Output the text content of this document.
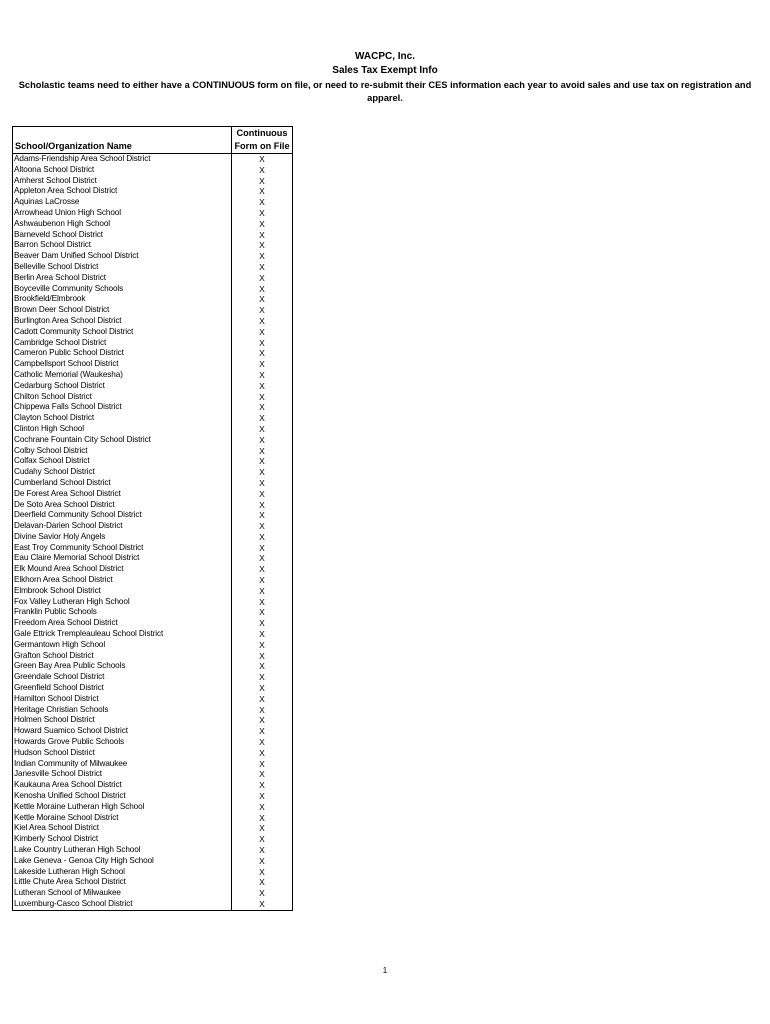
WACPC, Inc.
Sales Tax Exempt Info
Scholastic teams need to either have a CONTINUOUS form on file, or need to re-submit their CES information each year to avoid sales and use tax on registration and apparel.
School/Organization Name	Continuous Form on File
Adams-Friendship Area School District	X
Altoona School District	X
Amherst School District	X
Appleton Area School District	X
Aquinas LaCrosse	X
Arrowhead Union High School	X
Ashwaubenon High School	X
Barneveld School District	X
Barron School District	X
Beaver Dam Unified School District	X
Belleville School District	X
Berlin Area School District	X
Boyceville Community Schools	X
Brookfield/Elmbrook	X
Brown Deer School District	X
Burlington Area School District	X
Cadott Community School District	X
Cambridge School District	X
Cameron Public School District	X
Campbellsport School District	X
Catholic Memorial (Waukesha)	X
Cedarburg School District	X
Chilton School District	X
Chippewa Falls School District	X
Clayton School District	X
Clinton High School	X
Cochrane Fountain City School District	X
Colby School District	X
Colfax School District	X
Cudahy School District	X
Cumberland School District	X
De Forest Area School District	X
De Soto Area School District	X
Deerfield Community School District	X
Delavan-Darien School District	X
Divine Savior Holy Angels	X
East Troy Community School District	X
Eau Claire Memorial School District	X
Elk Mound Area School District	X
Elkhorn Area School District	X
Elmbrook School District	X
Fox Valley Lutheran High School	X
Franklin Public Schools	X
Freedom Area School District	X
Gale Ettrick Trempleauleau School District	X
Germantown High School	X
Grafton School District	X
Green Bay Area Public Schools	X
Greendale School District	X
Greenfield School District	X
Hamilton School District	X
Heritage Christian Schools	X
Holmen School District	X
Howard Suamico School District	X
Howards Grove Public Schools	X
Hudson School District	X
Indian Community of Milwaukee	X
Janesville School District	X
Kaukauna Area School District	X
Kenosha Unified School District	X
Kettle Moraine Lutheran High School	X
Kettle Moraine School District	X
Kiel Area School District	X
Kimberly School District	X
Lake Country Lutheran High School	X
Lake Geneva - Genoa City High School	X
Lakeside Lutheran High School	X
Little Chute Area School District	X
Lutheran School of Milwaukee	X
Luxemburg-Casco School District	X
1
